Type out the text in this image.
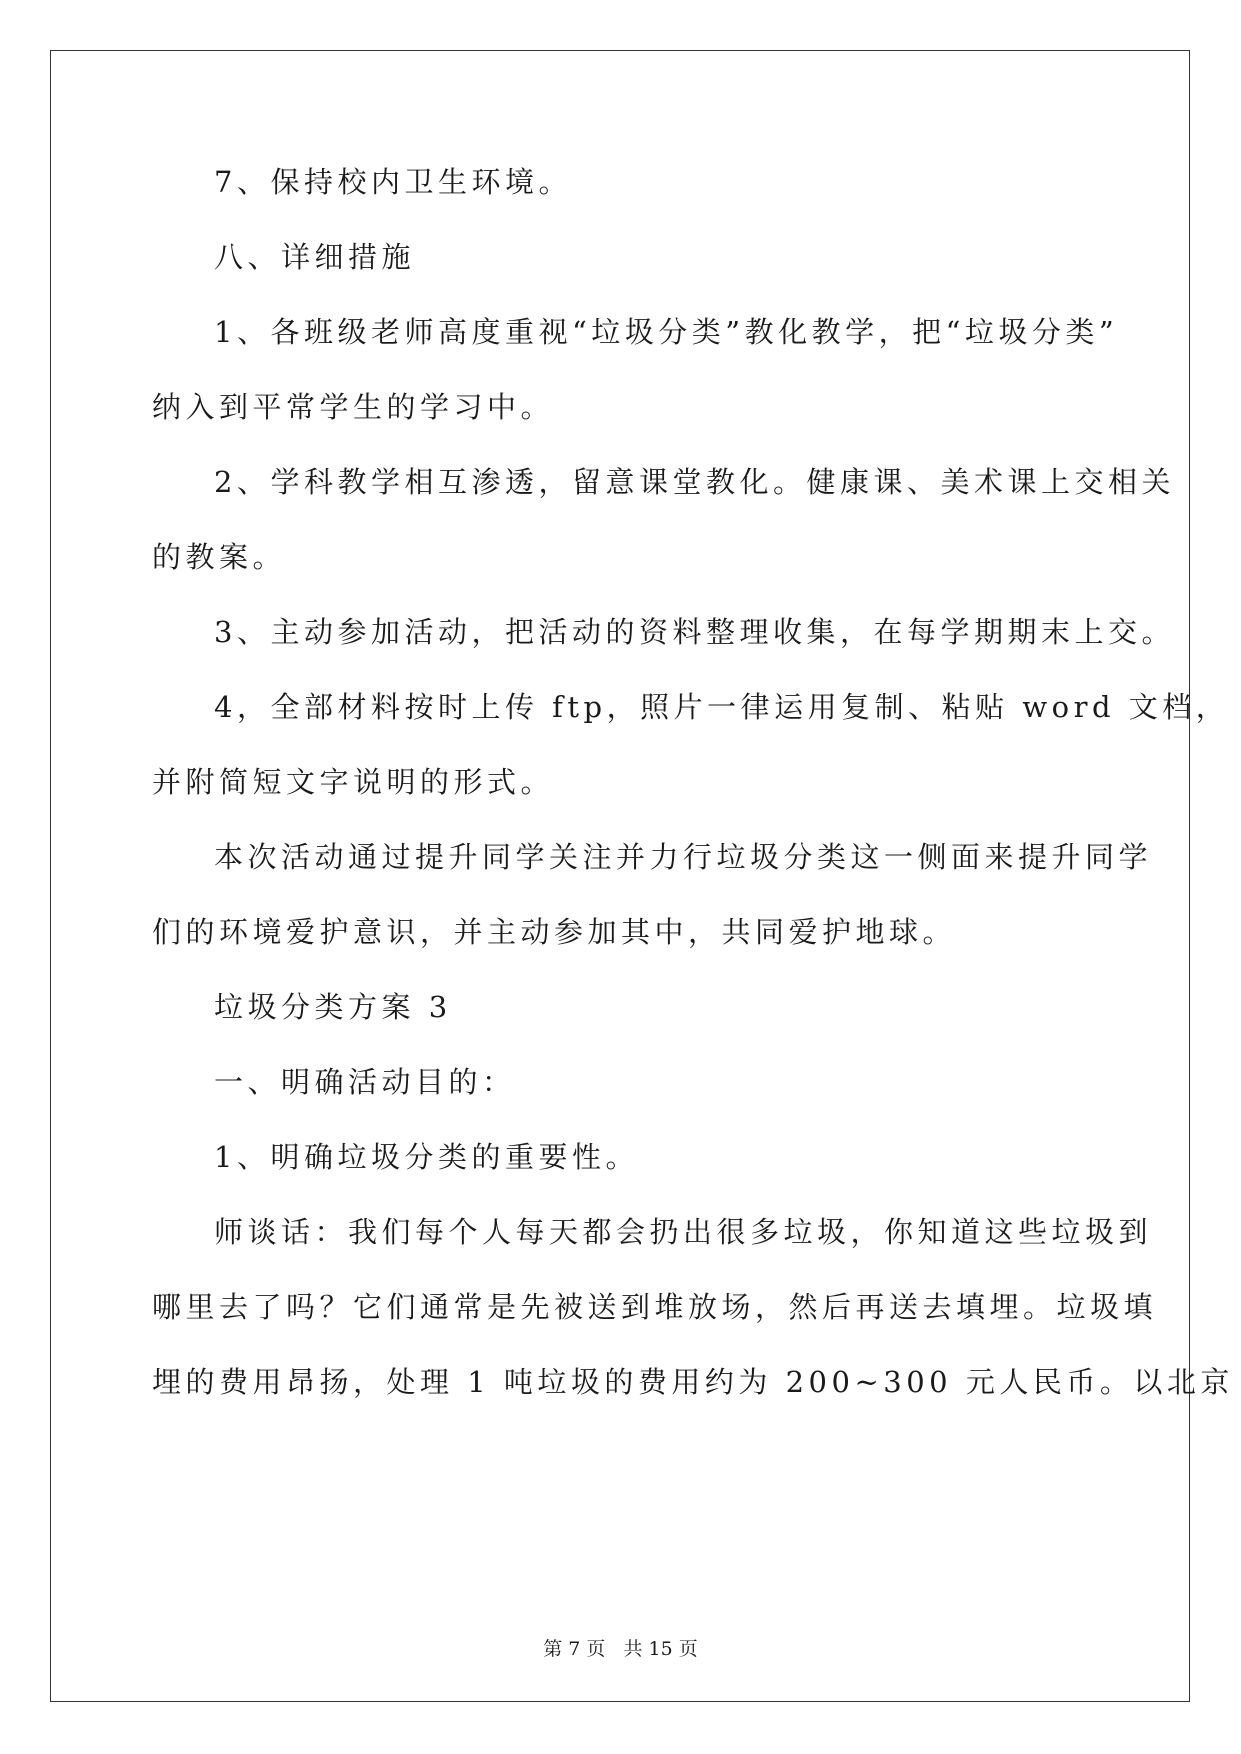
7、保持校内卫生环境。
八、详细措施
1、各班级老师高度重视“垃圾分类”教化教学，把“垃圾分类”
纳入到平常学生的学习中。
2、学科教学相互渗透，留意课堂教化。健康课、美术课上交相关
的教案。
3、主动参加活动，把活动的资料整理收集，在每学期期末上交。
4，全部材料按时上传 ftp，照片一律运用复制、粘贴 word 文档，
并附简短文字说明的形式。
本次活动通过提升同学关注并力行垃圾分类这一侧面来提升同学
们的环境爱护意识，并主动参加其中，共同爱护地球。
垃圾分类方案 3
一、明确活动目的：
1、明确垃圾分类的重要性。
师谈话：我们每个人每天都会扔出很多垃圾，你知道这些垃圾到
哪里去了吗？它们通常是先被送到堆放场，然后再送去填埋。垃圾填
埋的费用昂扬，处理 1 吨垃圾的费用约为 200~300 元人民币。以北京
第 7 页   共 15 页
